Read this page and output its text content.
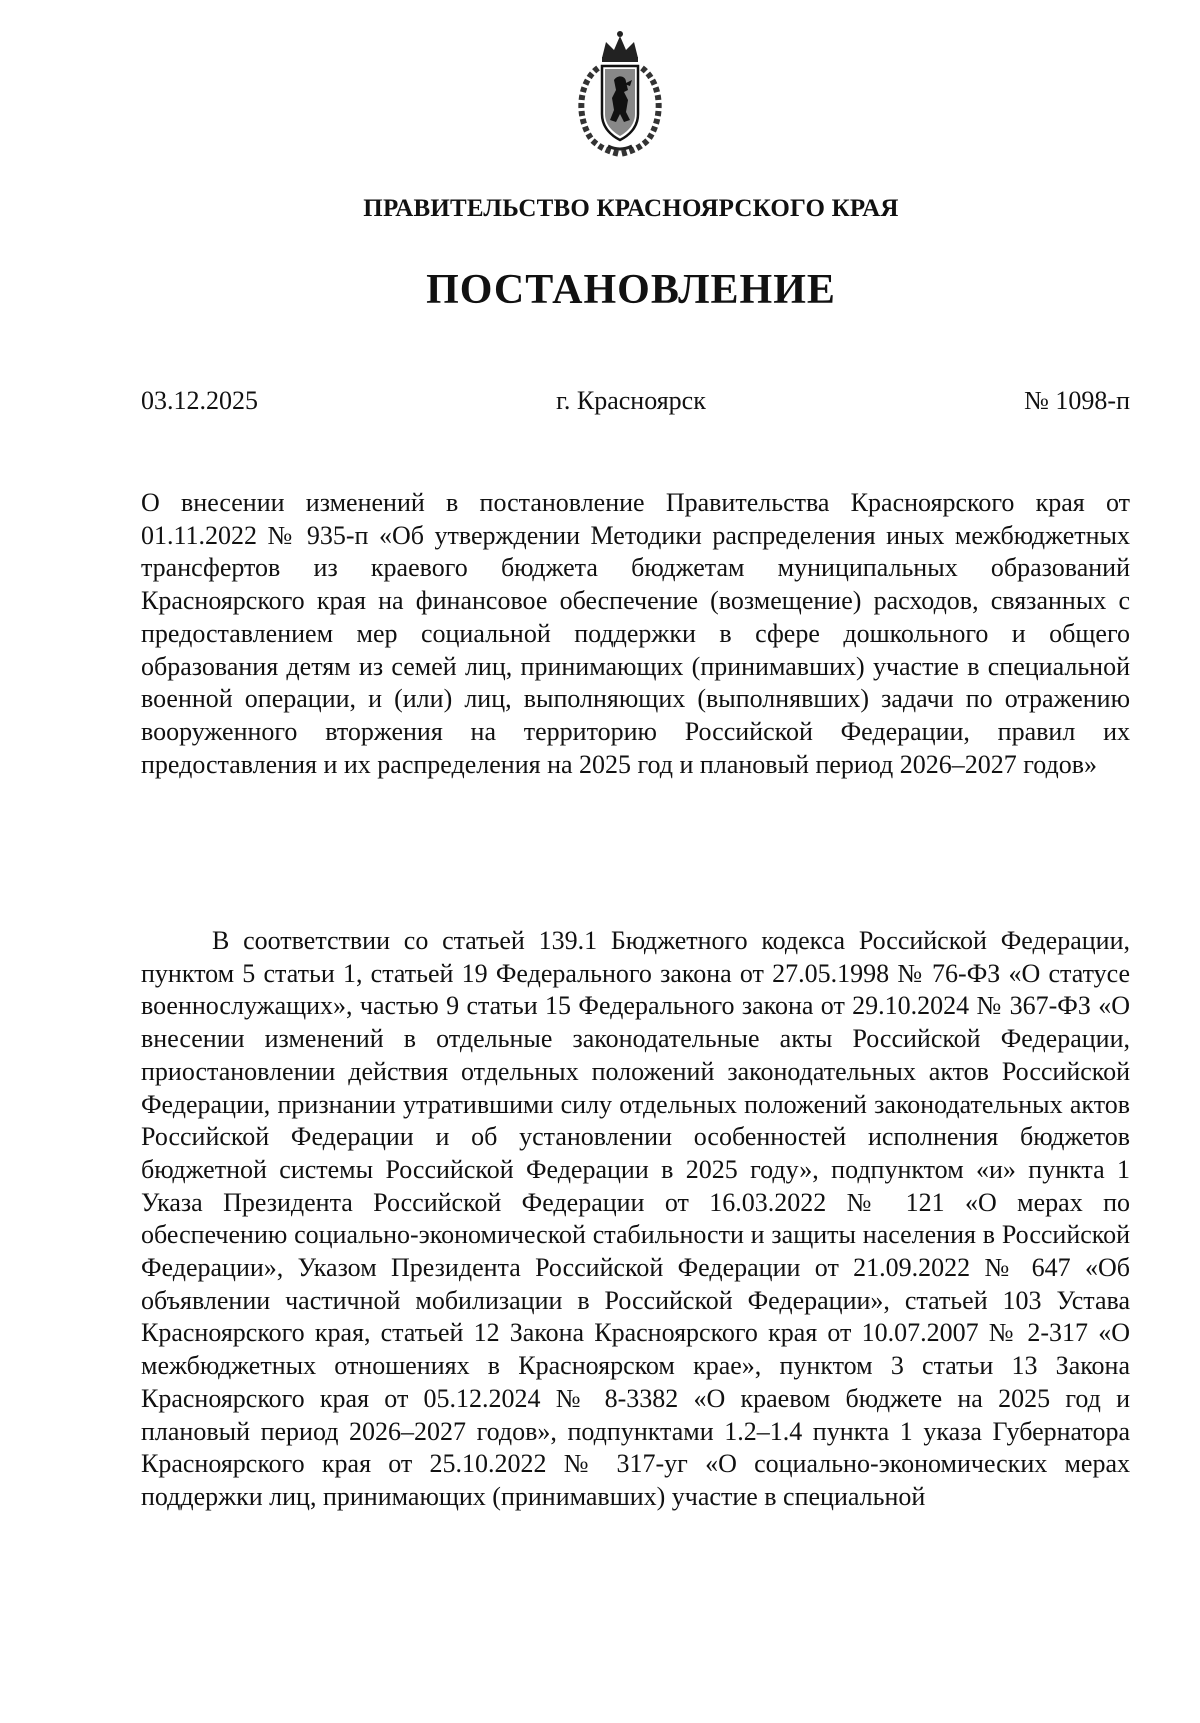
ПРАВИТЕЛЬСТВО КРАСНОЯРСКОГО КРАЯ
ПОСТАНОВЛЕНИЕ
03.12.2025	г. Красноярск	№ 1098-п
О внесении изменений в постановление Правительства Красноярского края от 01.11.2022 № 935-п «Об утверждении Методики распределения иных межбюджетных трансфертов из краевого бюджета бюджетам муниципальных образований Красноярского края на финансовое обеспечение (возмещение) расходов, связанных с предоставлением мер социальной поддержки в сфере дошкольного и общего образования детям из семей лиц, принимающих (принимавших) участие в специальной военной операции, и (или) лиц, выполняющих (выполнявших) задачи по отражению вооруженного вторжения на территорию Российской Федерации, правил их предоставления и их распределения на 2025 год и плановый период 2026–2027 годов»
В соответствии со статьей 139.1 Бюджетного кодекса Российской Федерации, пунктом 5 статьи 1, статьей 19 Федерального закона от 27.05.1998 № 76-ФЗ «О статусе военнослужащих», частью 9 статьи 15 Федерального закона от 29.10.2024 № 367-ФЗ «О внесении изменений в отдельные законодательные акты Российской Федерации, приостановлении действия отдельных положений законодательных актов Российской Федерации, признании утратившими силу отдельных положений законодательных актов Российской Федерации и об установлении особенностей исполнения бюджетов бюджетной системы Российской Федерации в 2025 году», подпунктом «и» пункта 1 Указа Президента Российской Федерации от 16.03.2022 № 121 «О мерах по обеспечению социально-экономической стабильности и защиты населения в Российской Федерации», Указом Президента Российской Федерации от 21.09.2022 № 647 «Об объявлении частичной мобилизации в Российской Федерации», статьей 103 Устава Красноярского края, статьей 12 Закона Красноярского края от 10.07.2007 № 2-317 «О межбюджетных отношениях в Красноярском крае», пунктом 3 статьи 13 Закона Красноярского края от 05.12.2024 № 8-3382 «О краевом бюджете на 2025 год и плановый период 2026–2027 годов», подпунктами 1.2–1.4 пункта 1 указа Губернатора Красноярского края от 25.10.2022 № 317-уг «О социально-экономических мерах поддержки лиц, принимающих (принимавших) участие в специальной
